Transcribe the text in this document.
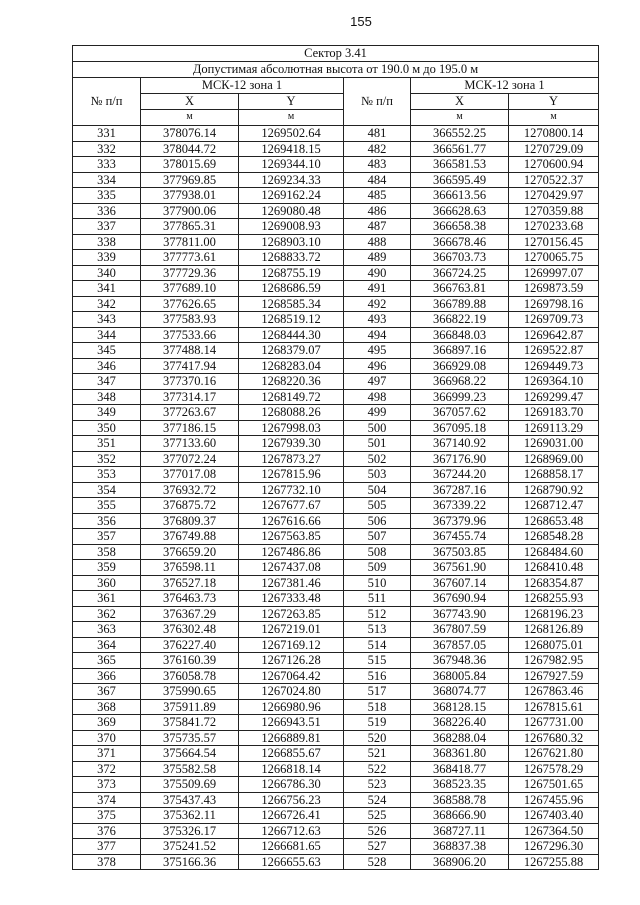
155
Сектор 3.41					
Допустимая абсолютная высота от 190.0 м до 195.0 м					
№ п/п	МСК-12 зона 1		№ п/п	МСК-12 зона 1	
	X	Y		X	Y
	м	м		м	м
331	378076.14	1269502.64	481	366552.25	1270800.14
332	378044.72	1269418.15	482	366561.77	1270729.09
333	378015.69	1269344.10	483	366581.53	1270600.94
334	377969.85	1269234.33	484	366595.49	1270522.37
335	377938.01	1269162.24	485	366613.56	1270429.97
336	377900.06	1269080.48	486	366628.63	1270359.88
337	377865.31	1269008.93	487	366658.38	1270233.68
338	377811.00	1268903.10	488	366678.46	1270156.45
339	377773.61	1268833.72	489	366703.73	1270065.75
340	377729.36	1268755.19	490	366724.25	1269997.07
341	377689.10	1268686.59	491	366763.81	1269873.59
342	377626.65	1268585.34	492	366789.88	1269798.16
343	377583.93	1268519.12	493	366822.19	1269709.73
344	377533.66	1268444.30	494	366848.03	1269642.87
345	377488.14	1268379.07	495	366897.16	1269522.87
346	377417.94	1268283.04	496	366929.08	1269449.73
347	377370.16	1268220.36	497	366968.22	1269364.10
348	377314.17	1268149.72	498	366999.23	1269299.47
349	377263.67	1268088.26	499	367057.62	1269183.70
350	377186.15	1267998.03	500	367095.18	1269113.29
351	377133.60	1267939.30	501	367140.92	1269031.00
352	377072.24	1267873.27	502	367176.90	1268969.00
353	377017.08	1267815.96	503	367244.20	1268858.17
354	376932.72	1267732.10	504	367287.16	1268790.92
355	376875.72	1267677.67	505	367339.22	1268712.47
356	376809.37	1267616.66	506	367379.96	1268653.48
357	376749.88	1267563.85	507	367455.74	1268548.28
358	376659.20	1267486.86	508	367503.85	1268484.60
359	376598.11	1267437.08	509	367561.90	1268410.48
360	376527.18	1267381.46	510	367607.14	1268354.87
361	376463.73	1267333.48	511	367690.94	1268255.93
362	376367.29	1267263.85	512	367743.90	1268196.23
363	376302.48	1267219.01	513	367807.59	1268126.89
364	376227.40	1267169.12	514	367857.05	1268075.01
365	376160.39	1267126.28	515	367948.36	1267982.95
366	376058.78	1267064.42	516	368005.84	1267927.59
367	375990.65	1267024.80	517	368074.77	1267863.46
368	375911.89	1266980.96	518	368128.15	1267815.61
369	375841.72	1266943.51	519	368226.40	1267731.00
370	375735.57	1266889.81	520	368288.04	1267680.32
371	375664.54	1266855.67	521	368361.80	1267621.80
372	375582.58	1266818.14	522	368418.77	1267578.29
373	375509.69	1266786.30	523	368523.35	1267501.65
374	375437.43	1266756.23	524	368588.78	1267455.96
375	375362.11	1266726.41	525	368666.90	1267403.40
376	375326.17	1266712.63	526	368727.11	1267364.50
377	375241.52	1266681.65	527	368837.38	1267296.30
378	375166.36	1266655.63	528	368906.20	1267255.88
